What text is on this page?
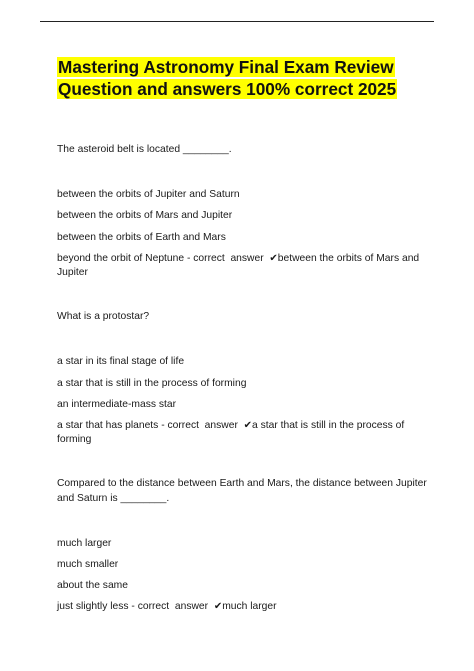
Mastering Astronomy Final Exam Review Question and answers 100% correct 2025

The asteroid belt is located ________.

between the orbits of Jupiter and Saturn

between the orbits of Mars and Jupiter

between the orbits of Earth and Mars

beyond the orbit of Neptune - correct  answer  ✔between the orbits of Mars and Jupiter

What is a protostar?

a star in its final stage of life

a star that is still in the process of forming

an intermediate-mass star

a star that has planets - correct  answer  ✔a star that is still in the process of forming

Compared to the distance between Earth and Mars, the distance between Jupiter and Saturn is ________.

much larger

much smaller

about the same

just slightly less - correct  answer  ✔much larger
